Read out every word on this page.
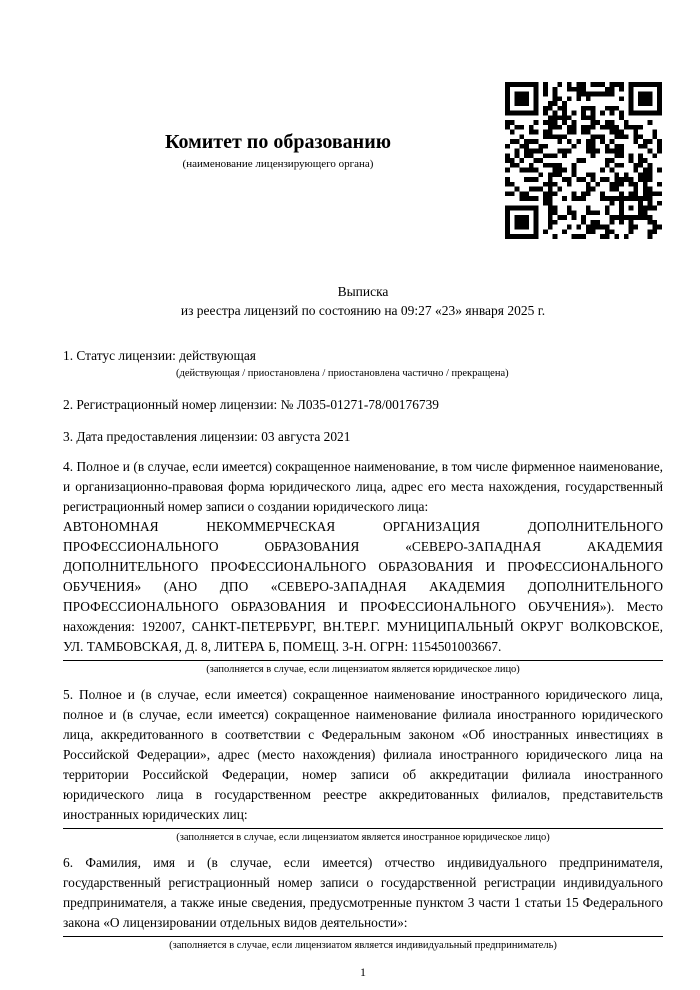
Комитет по образованию
(наименование лицензирующего органа)
Выписка
из реестра лицензий по состоянию на 09:27 «23» января 2025 г.
1. Статус лицензии: действующая
(действующая / приостановлена / приостановлена частично / прекращена)
2. Регистрационный номер лицензии: № Л035-01271-78/00176739
3. Дата предоставления лицензии: 03 августа 2021
4. Полное и (в случае, если имеется) сокращенное наименование, в том числе фирменное наименование, и организационно-правовая форма юридического лица, адрес его места нахождения, государственный регистрационный номер записи о создании юридического лица:
АВТОНОМНАЯ НЕКОММЕРЧЕСКАЯ ОРГАНИЗАЦИЯ ДОПОЛНИТЕЛЬНОГО ПРОФЕССИОНАЛЬНОГО ОБРАЗОВАНИЯ «СЕВЕРО-ЗАПАДНАЯ АКАДЕМИЯ ДОПОЛНИТЕЛЬНОГО ПРОФЕССИОНАЛЬНОГО ОБРАЗОВАНИЯ И ПРОФЕССИОНАЛЬНОГО ОБУЧЕНИЯ» (АНО ДПО «СЕВЕРО-ЗАПАДНАЯ АКАДЕМИЯ ДОПОЛНИТЕЛЬНОГО ПРОФЕССИОНАЛЬНОГО ОБРАЗОВАНИЯ И ПРОФЕССИОНАЛЬНОГО ОБУЧЕНИЯ»). Место нахождения: 192007, САНКТ-ПЕТЕРБУРГ, ВН.ТЕР.Г. МУНИЦИПАЛЬНЫЙ ОКРУГ ВОЛКОВСКОЕ, УЛ. ТАМБОВСКАЯ, Д. 8, ЛИТЕРА Б, ПОМЕЩ. 3-Н. ОГРН: 1154501003667.
(заполняется в случае, если лицензиатом является юридическое лицо)
5. Полное и (в случае, если имеется) сокращенное наименование иностранного юридического лица, полное и (в случае, если имеется) сокращенное наименование филиала иностранного юридического лица, аккредитованного в соответствии с Федеральным законом «Об иностранных инвестициях в Российской Федерации», адрес (место нахождения) филиала иностранного юридического лица на территории Российской Федерации, номер записи об аккредитации филиала иностранного юридического лица в государственном реестре аккредитованных филиалов, представительств иностранных юридических лиц:
(заполняется в случае, если лицензиатом является иностранное юридическое лицо)
6. Фамилия, имя и (в случае, если имеется) отчество индивидуального предпринимателя, государственный регистрационный номер записи о государственной регистрации индивидуального предпринимателя, а также иные сведения, предусмотренные пунктом 3 части 1 статьи 15 Федерального закона «О лицензировании отдельных видов деятельности»:
(заполняется в случае, если лицензиатом является индивидуальный предприниматель)
1
